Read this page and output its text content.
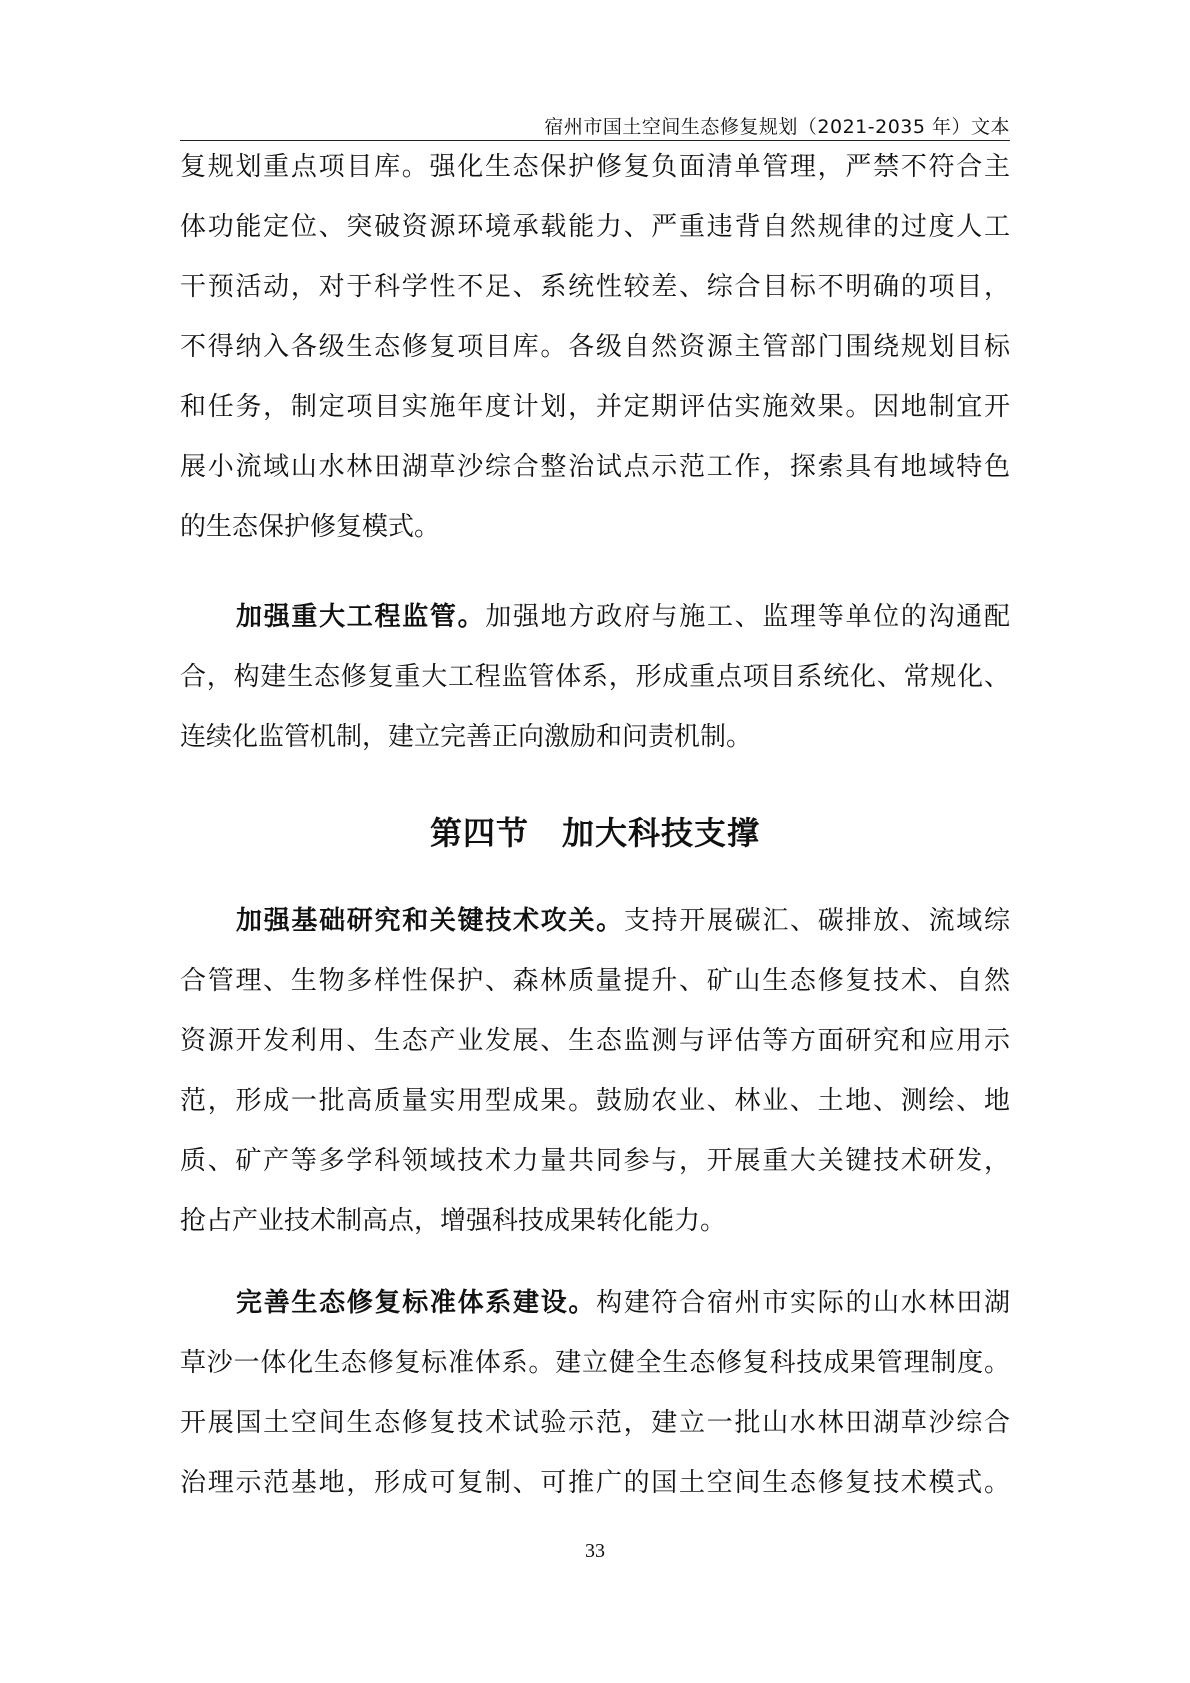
宿州市国土空间生态修复规划（2021-2035 年）文本
复规划重点项目库。强化生态保护修复负面清单管理，严禁不符合主
体功能定位、突破资源环境承载能力、严重违背自然规律的过度人工
干预活动，对于科学性不足、系统性较差、综合目标不明确的项目，
不得纳入各级生态修复项目库。各级自然资源主管部门围绕规划目标
和任务，制定项目实施年度计划，并定期评估实施效果。因地制宜开
展小流域山水林田湖草沙综合整治试点示范工作，探索具有地域特色
的生态保护修复模式。
加强重大工程监管。加强地方政府与施工、监理等单位的沟通配
合，构建生态修复重大工程监管体系，形成重点项目系统化、常规化、
连续化监管机制，建立完善正向激励和问责机制。
第四节　加大科技支撑
加强基础研究和关键技术攻关。支持开展碳汇、碳排放、流域综
合管理、生物多样性保护、森林质量提升、矿山生态修复技术、自然
资源开发利用、生态产业发展、生态监测与评估等方面研究和应用示
范，形成一批高质量实用型成果。鼓励农业、林业、土地、测绘、地
质、矿产等多学科领域技术力量共同参与，开展重大关键技术研发，
抢占产业技术制高点，增强科技成果转化能力。
完善生态修复标准体系建设。构建符合宿州市实际的山水林田湖
草沙一体化生态修复标准体系。建立健全生态修复科技成果管理制度。
开展国土空间生态修复技术试验示范，建立一批山水林田湖草沙综合
治理示范基地，形成可复制、可推广的国土空间生态修复技术模式。
33
